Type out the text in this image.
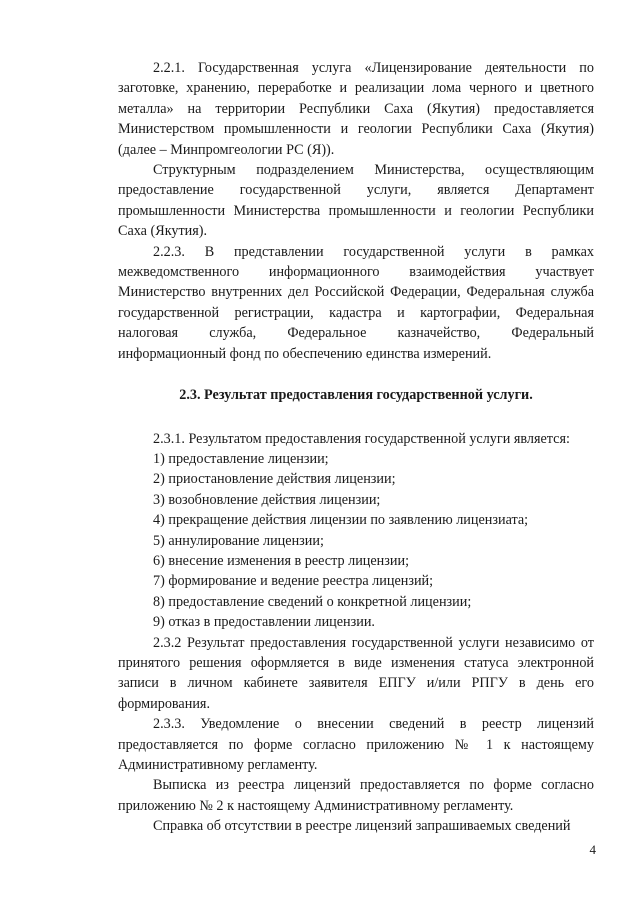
2.2.1. Государственная услуга «Лицензирование деятельности по заготовке, хранению, переработке и реализации лома черного и цветного металла» на территории Республики Саха (Якутия) предоставляется Министерством промышленности и геологии Республики Саха (Якутия) (далее – Минпромгеологии РС (Я)).

Структурным подразделением Министерства, осуществляющим предоставление государственной услуги, является Департамент промышленности Министерства промышленности и геологии Республики Саха (Якутия).

2.2.3. В представлении государственной услуги в рамках межведомственного информационного взаимодействия участвует Министерство внутренних дел Российской Федерации, Федеральная служба государственной регистрации, кадастра и картографии, Федеральная налоговая служба, Федеральное казначейство, Федеральный информационный фонд по обеспечению единства измерений.

2.3. Результат предоставления государственной услуги.

2.3.1. Результатом предоставления государственной услуги является:

1) предоставление лицензии;

2) приостановление действия лицензии;

3) возобновление действия лицензии;

4) прекращение действия лицензии по заявлению лицензиата;

5) аннулирование лицензии;

6) внесение изменения в реестр лицензии;

7) формирование и ведение реестра лицензий;

8) предоставление сведений о конкретной лицензии;

9) отказ в предоставлении лицензии.

2.3.2 Результат предоставления государственной услуги независимо от принятого решения оформляется в виде изменения статуса электронной записи в личном кабинете заявителя ЕПГУ и/или РПГУ в день его формирования.

2.3.3. Уведомление о внесении сведений в реестр лицензий предоставляется по форме согласно приложению № 1 к настоящему Административному регламенту.

Выписка из реестра лицензий предоставляется по форме согласно приложению № 2 к настоящему Административному регламенту.

Справка об отсутствии в реестре лицензий запрашиваемых сведений

4
